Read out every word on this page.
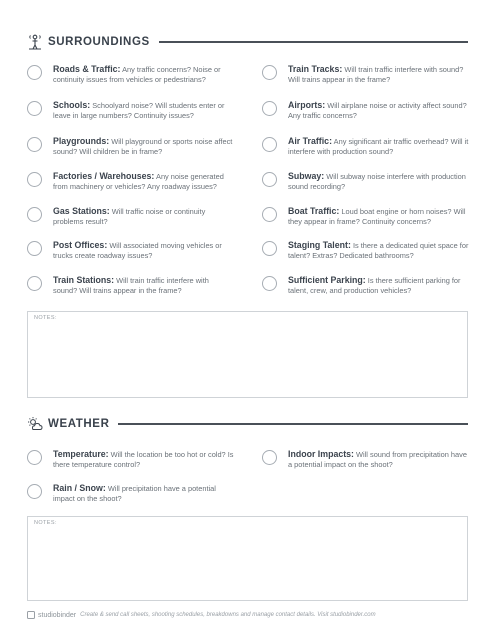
SURROUNDINGS
Roads & Traffic: Any traffic concerns? Noise or continuity issues from vehicles or pedestrians?
Train Tracks: Will train traffic interfere with sound? Will trains appear in the frame?
Schools: Schoolyard noise? Will students enter or leave in large numbers? Continuity issues?
Airports: Will airplane noise or activity affect sound? Any traffic concerns?
Playgrounds: Will playground or sports noise affect sound? Will children be in frame?
Air Traffic: Any significant air traffic overhead? Will it interfere with production sound?
Factories / Warehouses: Any noise generated from machinery or vehicles? Any roadway issues?
Subway: Will subway noise interfere with production sound recording?
Gas Stations: Will traffic noise or continuity problems result?
Boat Traffic: Loud boat engine or horn noises? Will they appear in frame? Continuity concerns?
Post Offices: Will associated moving vehicles or trucks create roadway issues?
Staging Talent: Is there a dedicated quiet space for talent? Extras? Dedicated bathrooms?
Train Stations: Will train traffic interfere with sound? Will trains appear in the frame?
Sufficient Parking: Is there sufficient parking for talent, crew, and production vehicles?
NOTES:
WEATHER
Temperature: Will the location be too hot or cold? Is there temperature control?
Indoor Impacts: Will sound from precipitation have a potential impact on the shoot?
Rain / Snow: Will precipitation have a potential impact on the shoot?
NOTES:
studiobinder Create & send call sheets, shooting schedules, breakdowns and manage contact details. Visit studiobinder.com
